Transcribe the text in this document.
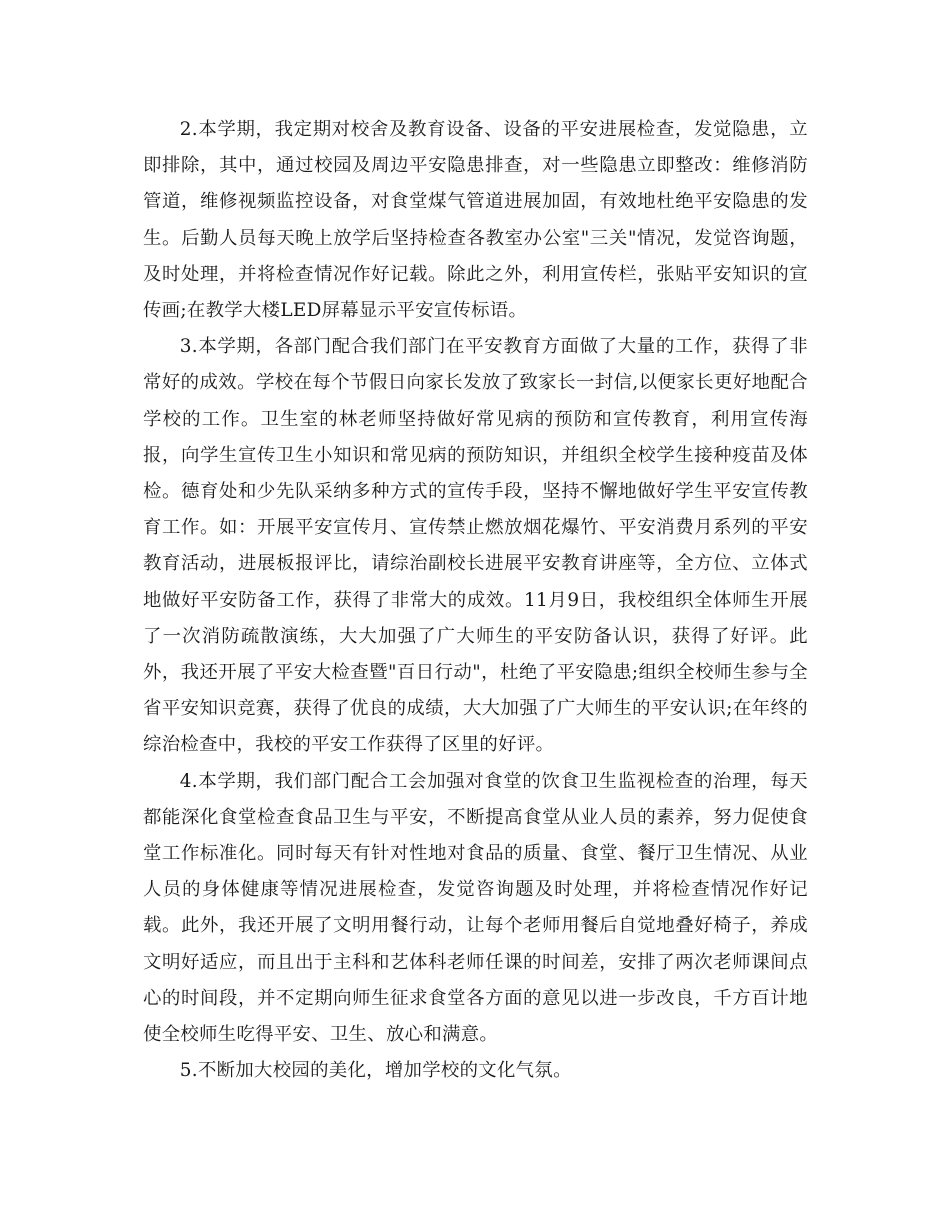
2.本学期，我定期对校舍及教育设备、设备的平安进展检查，发觉隐患，立即排除，其中，通过校园及周边平安隐患排查，对一些隐患立即整改：维修消防管道，维修视频监控设备，对食堂煤气管道进展加固，有效地杜绝平安隐患的发生。后勤人员每天晚上放学后坚持检查各教室办公室"三关"情况，发觉咨询题，及时处理，并将检查情况作好记载。除此之外，利用宣传栏，张贴平安知识的宣传画;在教学大楼LED屏幕显示平安宣传标语。

3.本学期，各部门配合我们部门在平安教育方面做了大量的工作，获得了非常好的成效。学校在每个节假日向家长发放了致家长一封信,以便家长更好地配合学校的工作。卫生室的林老师坚持做好常见病的预防和宣传教育，利用宣传海报，向学生宣传卫生小知识和常见病的预防知识，并组织全校学生接种疫苗及体检。德育处和少先队采纳多种方式的宣传手段，坚持不懈地做好学生平安宣传教育工作。如：开展平安宣传月、宣传禁止燃放烟花爆竹、平安消费月系列的平安教育活动，进展板报评比，请综治副校长进展平安教育讲座等，全方位、立体式地做好平安防备工作，获得了非常大的成效。11月9日，我校组织全体师生开展了一次消防疏散演练，大大加强了广大师生的平安防备认识，获得了好评。此外，我还开展了平安大检查暨"百日行动"，杜绝了平安隐患;组织全校师生参与全省平安知识竞赛，获得了优良的成绩，大大加强了广大师生的平安认识;在年终的综治检查中，我校的平安工作获得了区里的好评。

4.本学期，我们部门配合工会加强对食堂的饮食卫生监视检查的治理，每天都能深化食堂检查食品卫生与平安，不断提高食堂从业人员的素养，努力促使食堂工作标准化。同时每天有针对性地对食品的质量、食堂、餐厅卫生情况、从业人员的身体健康等情况进展检查，发觉咨询题及时处理，并将检查情况作好记载。此外，我还开展了文明用餐行动，让每个老师用餐后自觉地叠好椅子，养成文明好适应，而且出于主科和艺体科老师任课的时间差，安排了两次老师课间点心的时间段，并不定期向师生征求食堂各方面的意见以进一步改良，千方百计地使全校师生吃得平安、卫生、放心和满意。

5.不断加大校园的美化，增加学校的文化气氛。
